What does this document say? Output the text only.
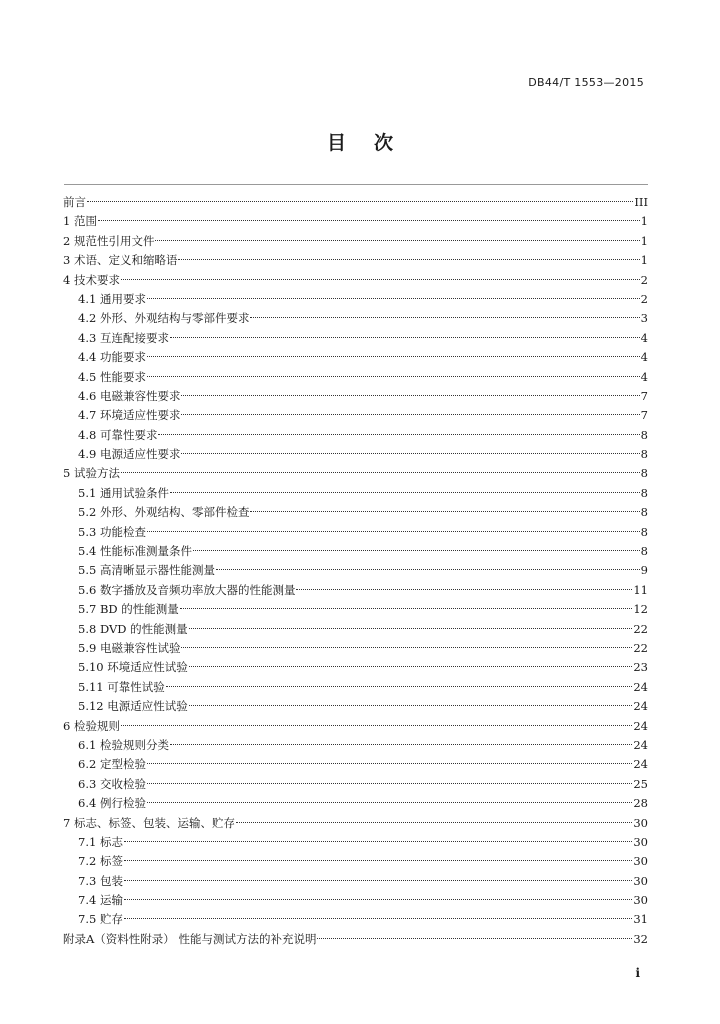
DB44/T 1553—2015
目 次
前言	III
1 范围	1
2 规范性引用文件	1
3 术语、定义和缩略语	1
4 技术要求	2
4.1 通用要求	2
4.2 外形、外观结构与零部件要求	3
4.3 互连配接要求	4
4.4 功能要求	4
4.5 性能要求	4
4.6 电磁兼容性要求	7
4.7 环境适应性要求	7
4.8 可靠性要求	8
4.9 电源适应性要求	8
5 试验方法	8
5.1 通用试验条件	8
5.2 外形、外观结构、零部件检查	8
5.3 功能检查	8
5.4 性能标准测量条件	8
5.5 高清晰显示器性能测量	9
5.6 数字播放及音频功率放大器的性能测量	11
5.7 BD 的性能测量	12
5.8 DVD 的性能测量	22
5.9 电磁兼容性试验	22
5.10 环境适应性试验	23
5.11 可靠性试验	24
5.12 电源适应性试验	24
6 检验规则	24
6.1 检验规则分类	24
6.2 定型检验	24
6.3 交收检验	25
6.4 例行检验	28
7 标志、标签、包装、运输、贮存	30
7.1 标志	30
7.2 标签	30
7.3 包装	30
7.4 运输	30
7.5 贮存	31
附录A（资料性附录） 性能与测试方法的补充说明	32
i
